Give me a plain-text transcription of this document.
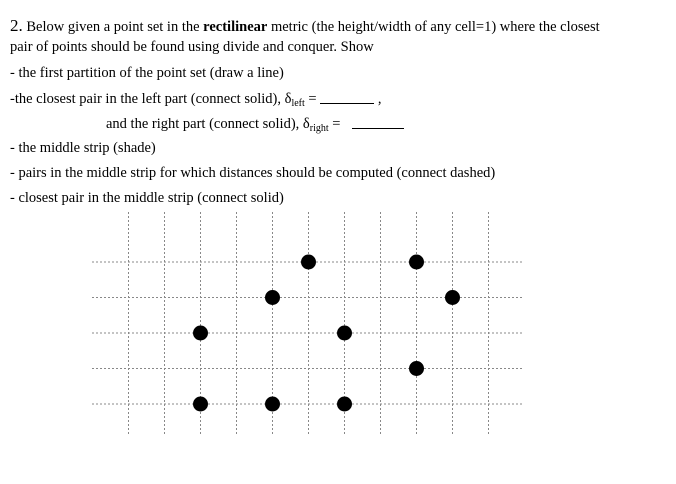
2. Below given a point set in the rectilinear metric (the height/width of any cell=1) where the closest
pair of points should be found using divide and conquer. Show
- the first partition of the point set (draw a line)
-the closest pair in the left part (connect solid), $\delta_{left}$ =	,
and the right part (connect solid), $\delta_{right}$ =
- the middle strip (shade)
- pairs in the middle strip for which distances should be computed (connect dashed)
- closest pair in the middle strip (connect solid)
